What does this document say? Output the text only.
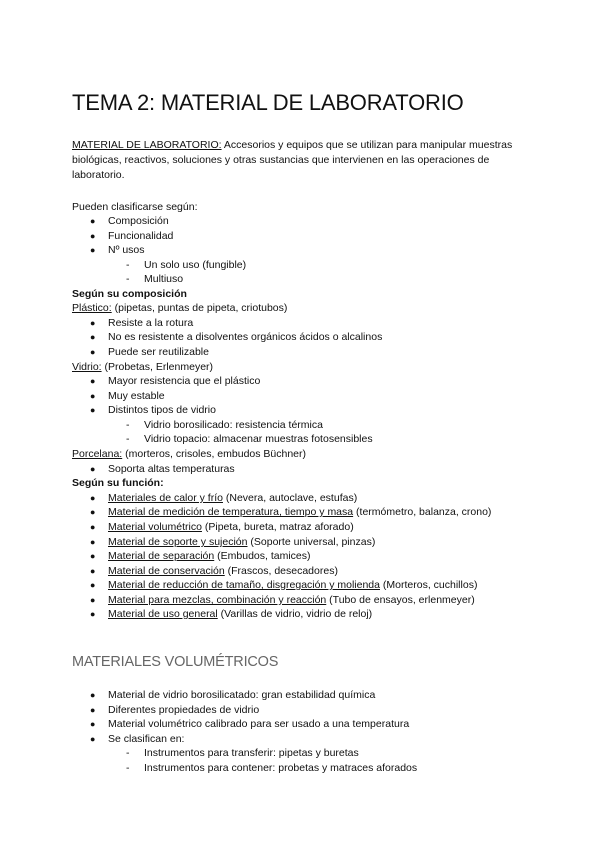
TEMA 2: MATERIAL DE LABORATORIO
MATERIAL DE LABORATORIO: Accesorios y equipos que se utilizan para manipular muestras biológicas, reactivos, soluciones y otras sustancias que intervienen en las operaciones de laboratorio.
Pueden clasificarse según:
● Composición
● Funcionalidad
● Nº usos
- Un solo uso (fungible)
- Multiuso
Según su composición
Plástico: (pipetas, puntas de pipeta, criotubos)
● Resiste a la rotura
● No es resistente a disolventes orgánicos ácidos o alcalinos
● Puede ser reutilizable
Vidrio: (Probetas, Erlenmeyer)
● Mayor resistencia que el plástico
● Muy estable
● Distintos tipos de vidrio
- Vidrio borosilicado: resistencia térmica
- Vidrio topacio: almacenar muestras fotosensibles
Porcelana: (morteros, crisoles, embudos Büchner)
● Soporta altas temperaturas
Según su función:
● Materiales de calor y frío (Nevera, autoclave, estufas)
● Material de medición de temperatura, tiempo y masa (termómetro, balanza, crono)
● Material volumétrico (Pipeta, bureta, matraz aforado)
● Material de soporte y sujeción (Soporte universal, pinzas)
● Material de separación (Embudos, tamices)
● Material de conservación (Frascos, desecadores)
● Material de reducción de tamaño, disgregación y molienda (Morteros, cuchillos)
● Material para mezclas, combinación y reacción (Tubo de ensayos, erlenmeyer)
● Material de uso general (Varillas de vidrio, vidrio de reloj)
MATERIALES VOLUMÉTRICOS
● Material de vidrio borosilicatado: gran estabilidad química
● Diferentes propiedades de vidrio
● Material volumétrico calibrado para ser usado a una temperatura
● Se clasifican en:
- Instrumentos para transferir: pipetas y buretas
- Instrumentos para contener: probetas y matraces aforados
